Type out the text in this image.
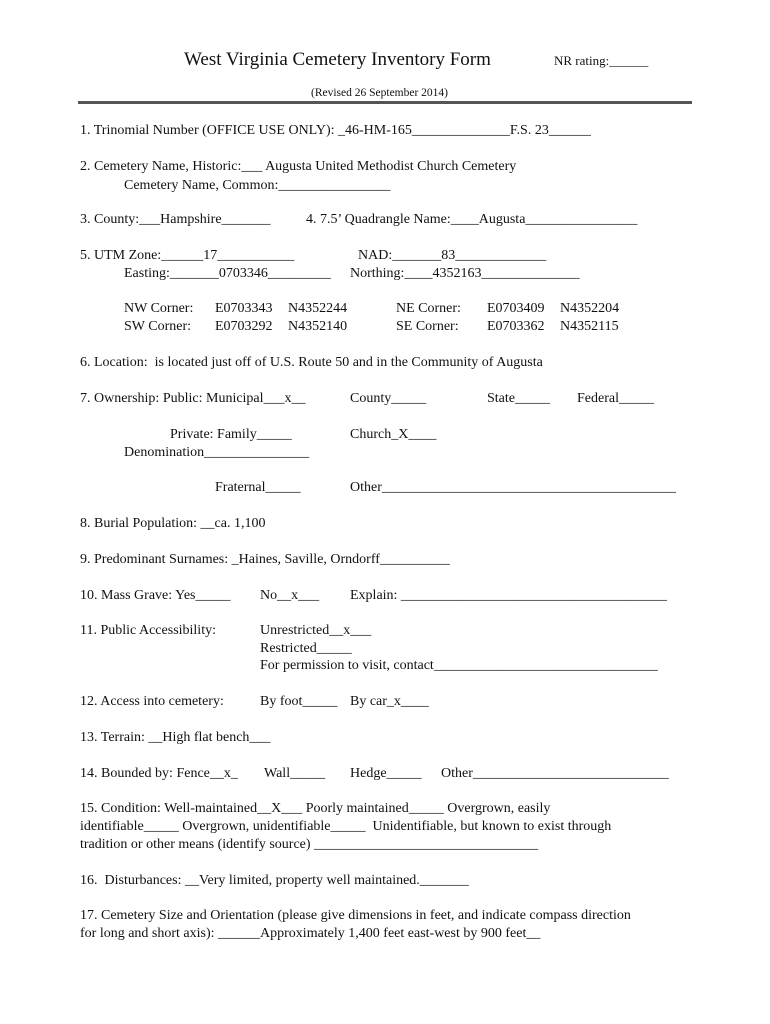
West Virginia Cemetery Inventory Form	NR rating:______
(Revised 26 September 2014)
1. Trinomial Number (OFFICE USE ONLY): _46-HM-165______________F.S. 23______
2. Cemetery Name, Historic:___ Augusta United Methodist Church Cemetery
Cemetery Name, Common:________________
3. County:___Hampshire_______	4. 7.5’ Quadrangle Name:____Augusta________________
5. UTM Zone:______17___________	NAD:_______83_____________
Easting:_______0703346_________ Northing:____4352163______________
NW Corner: E0703343 N4352244	NE Corner: E0703409 N4352204
SW Corner: E0703292 N4352140	SE Corner: E0703362 N4352115
6. Location:  is located just off of U.S. Route 50 and in the Community of Augusta
7. Ownership: Public: Municipal___x__	County_____	State_____ Federal_____
Private: Family_____	Church_X____
Denomination_______________
Fraternal_____	Other__________________________________________
8. Burial Population: __ca. 1,100
9. Predominant Surnames: _Haines, Saville, Orndorff__________
10. Mass Grave: Yes_____ No__x___ Explain: ______________________________________
11. Public Accessibility:	Unrestricted__x___
Restricted_____
For permission to visit, contact________________________________
12. Access into cemetery:	By foot_____ By car_x____
13. Terrain: __High flat bench___
14. Bounded by: Fence__x_ Wall_____ Hedge_____ Other____________________________
15. Condition: Well-maintained__X___ Poorly maintained_____ Overgrown, easily
identifiable_____ Overgrown, unidentifiable_____  Unidentifiable, but known to exist through
tradition or other means (identify source) ________________________________
16.  Disturbances: __Very limited, property well maintained._______
17. Cemetery Size and Orientation (please give dimensions in feet, and indicate compass direction
for long and short axis): ______Approximately 1,400 feet east-west by 900 feet__
